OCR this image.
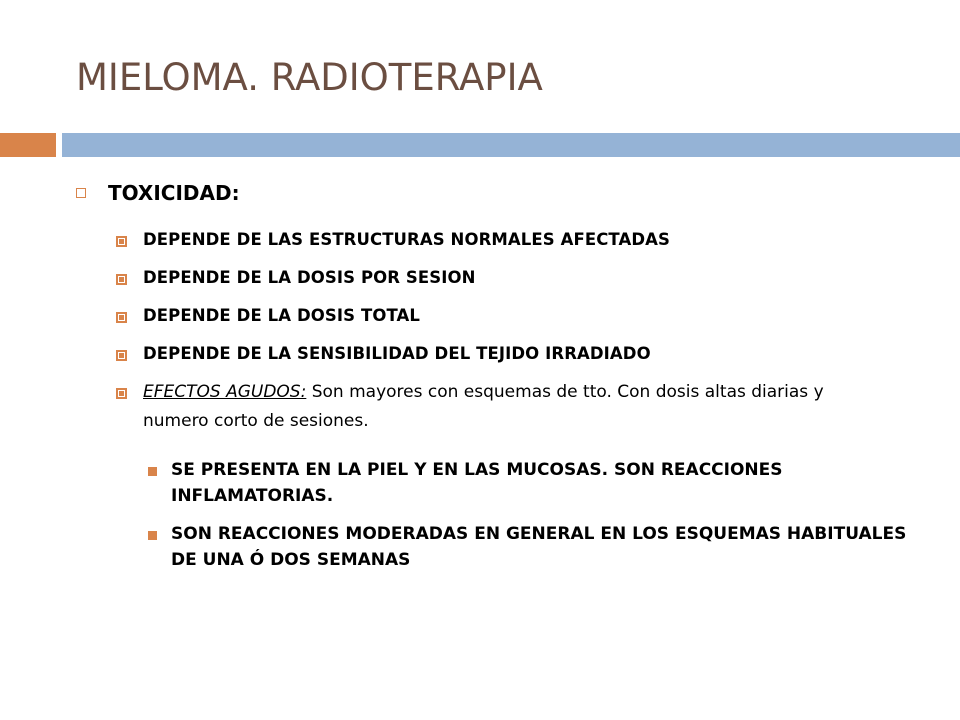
MIELOMA. RADIOTERAPIA
TOXICIDAD:
DEPENDE DE LAS ESTRUCTURAS NORMALES AFECTADAS
DEPENDE DE LA DOSIS POR SESION
DEPENDE DE LA DOSIS TOTAL
DEPENDE DE LA SENSIBILIDAD DEL TEJIDO IRRADIADO
EFECTOS AGUDOS: Son mayores con esquemas de tto. Con dosis altas diarias y numero corto de sesiones.
SE PRESENTA EN LA PIEL Y EN LAS MUCOSAS. SON REACCIONES INFLAMATORIAS.
SON REACCIONES MODERADAS EN GENERAL EN LOS ESQUEMAS HABITUALES DE UNA Ó DOS SEMANAS
